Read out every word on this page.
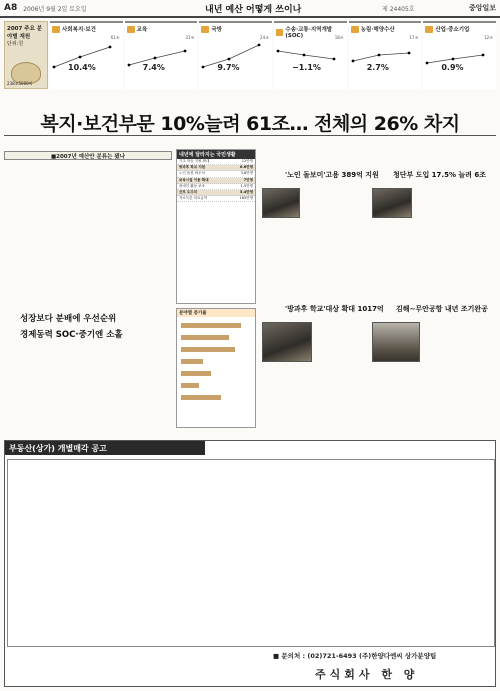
A8 2006년 9월 2일 토요일	내년 예산 어떻게 쓰이나	제 24405호	중앙일보
2007 주요 분야별 재원
단위:원
238조5000억
사회복지·보건
10.4%
61조
교육
7.4%
31조
국방
9.7%
24조
수송·교통·지역개발(SOC)
−1.1%
18조
농림·해양수산
2.7%
17조
산업·중소기업
0.9%
12조
복지·보건부문 10%늘려 61조… 전체의 26% 차지
■2007년 예산안 분류는 됐나

성장보다 분배에 우선순위
경제동력 SOC·중기엔 소홀
내년에 달라지는 국민생활
기초 학습 지원 확대	12만명
방과후 학교 지원	6.6만명
노인 돌봄 바우처	3.8만명
보육시설 이용 확대	7만명
장애인 활동 보조	1.5만명
산모 도우미	5.4만명
저소득층 의료급여	185만명
분야별 증가율
'노인 돌보미'고용 389억 지원 청단부 도입 17.5% 늘려 6조
'방과후 학교'대상 확대 1017억 김해~무안공항 내년 조기완공
부동산(상가) 개별매각 공고
■ 문의처 : (02)721-6493 (주)한양다엔씨 상가분양팀
주식회사 한 양
